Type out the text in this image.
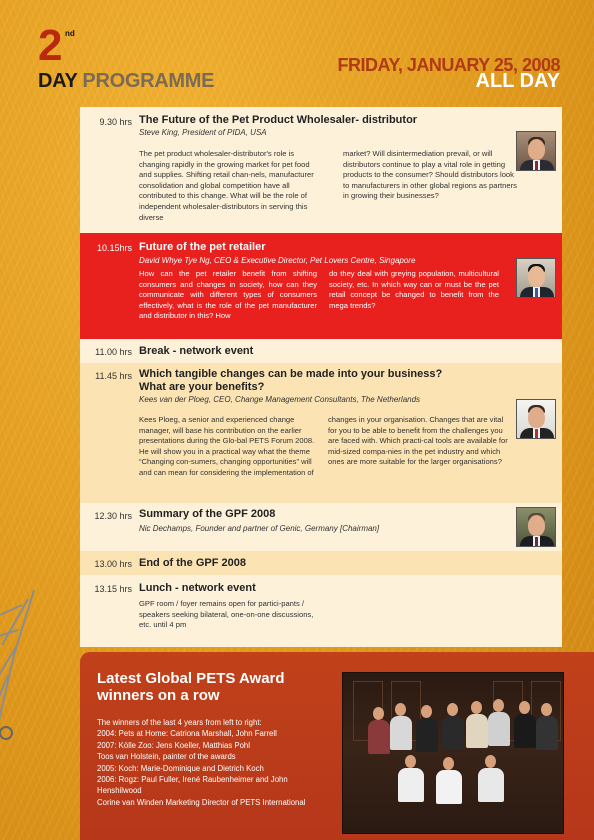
2 nd
DAY PROGRAMME
FRIDAY, JANUARY 25, 2008
ALL DAY
9.30 hrs The Future of the Pet Product Wholesaler- distributor
Steve King, President of PIDA, USA
The pet product wholesaler-distributor's role is changing rapidly in the growing market for pet food and supplies. Shifting retail chan-nels, manufacturer consolidation and global competition have all contributed to this change. What will be the role of independent wholesaler-distributors in serving this diverse
market? Will disintermediation prevail, or will distributors continue to play a vital role in getting products to the consumer? Should distributors look to manufacturers in other global regions as partners in growing their businesses?
10.15hrs Future of the pet retailer
David Whye Tye Ng, CEO & Executive Director, Pet Lovers Centre, Singapore
How can the pet retailer benefit from shifting consumers and changes in society, how can they communicate with different types of consumers effectively, what is the role of the pet manufacturer and distributor in this? How
do they deal with greying population, multicultural society, etc. In which way can or must be the pet retail concept be changed to benefit from the mega trends?
11.00 hrs Break - network event
11.45 hrs Which tangible changes can be made into your business? What are your benefits?
Kees van der Ploeg, CEO, Change Management Consultants, The Netherlands
Kees Ploeg, a senior and experienced change manager, will base his contribution on the earlier presentations during the Glo-bal PETS Forum 2008. He will show you in a practical way what the theme “Changing con-sumers, changing opportunities” will and can mean for considering the implementation of
changes in your organisation. Changes that are vital for you to be able to benefit from the challenges you are faced with. Which practi-cal tools are available for mid-sized compa-nies in the pet industry and which ones are more suitable for the larger organisations?
12.30 hrs Summary of the GPF 2008
Nic Dechamps, Founder and partner of Genic, Germany [Chairman]
13.00 hrs End of the GPF 2008
13.15 hrs Lunch - network event
GPF room / foyer remains open for partici-pants / speakers seeking bilateral, one-on-one discussions, etc. until 4 pm
Latest Global PETS Award winners on a row
The winners of the last 4 years from left to right:
2004: Pets at Home: Catriona Marshall, John Farrell
2007: Kölle Zoo: Jens Koeller, Matthias Pohl
Toos van Holstein, painter of the awards
2005: Koch: Marie-Dominique and Dietrich Koch
2006: Rogz: Paul Fuller, Irené Raubenheimer and John
Henshilwood
Corine van Winden Marketing Director of PETS International
